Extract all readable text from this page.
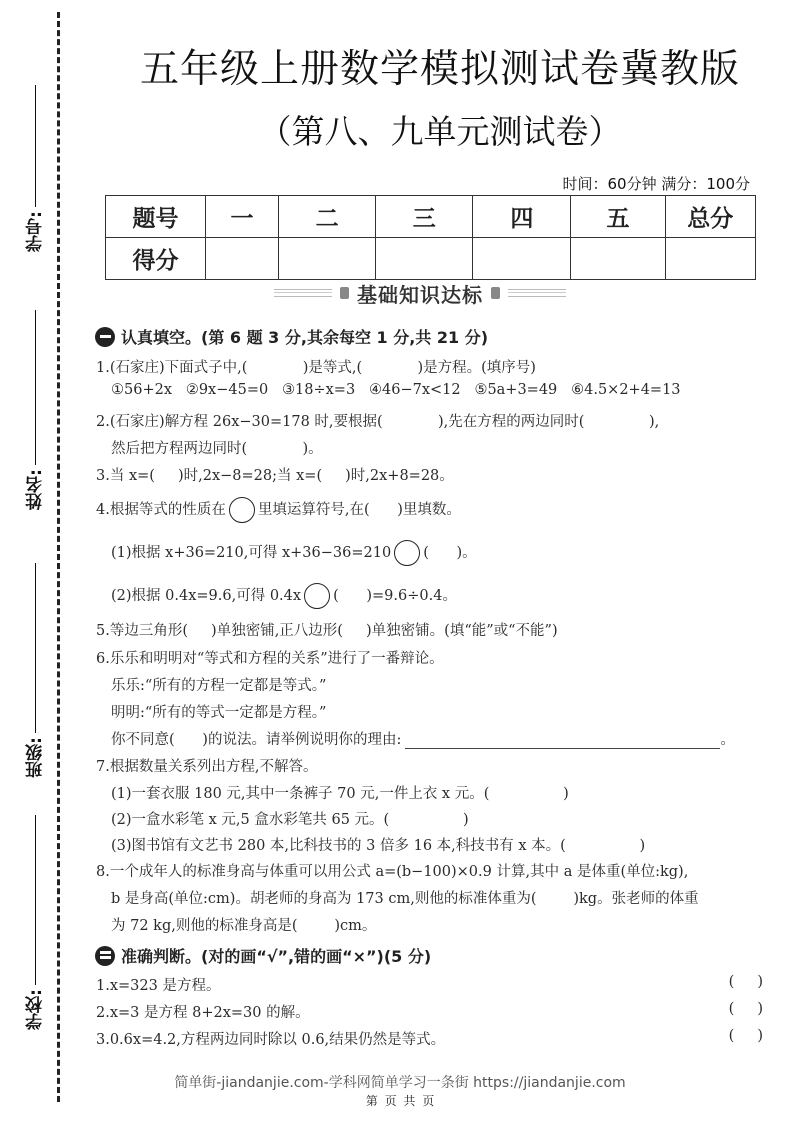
学号:
姓名:
班级:
学校:
五年级上册数学模拟测试卷冀教版
（第八、九单元测试卷）
时间：60分钟 满分：100分
题号	一	二	三	四	五	总分
得分						
基础知识达标
认真填空。(第 6 题 3 分,其余每空 1 分,共 21 分)
1.(石家庄)下面式子中,(            )是等式,(            )是方程。(填序号)
①56+2x   ②9x−45=0   ③18÷x=3   ④46−7x<12   ⑤5a+3=49   ⑥4.5×2+4=13
2.(石家庄)解方程 26x−30=178 时,要根据(            ),先在方程的两边同时(              ),
然后把方程两边同时(            )。
3.当 x=(     )时,2x−8=28;当 x=(     )时,2x+8=28。
4.根据等式的性质在 里填运算符号,在(      )里填数。
(1)根据 x+36=210,可得 x+36−36=210 (      )。
(2)根据 0.4x=9.6,可得 0.4x (      )=9.6÷0.4。
5.等边三角形(     )单独密铺,正八边形(     )单独密铺。(填“能”或“不能”)
6.乐乐和明明对“等式和方程的关系”进行了一番辩论。
乐乐:“所有的方程一定都是等式。”
明明:“所有的等式一定都是方程。”
你不同意(      )的说法。请举例说明你的理由:	。
7.根据数量关系列出方程,不解答。
(1)一套衣服 180 元,其中一条裤子 70 元,一件上衣 x 元。(                )
(2)一盒水彩笔 x 元,5 盒水彩笔共 65 元。(                )
(3)图书馆有文艺书 280 本,比科技书的 3 倍多 16 本,科技书有 x 本。(                )
8.一个成年人的标准身高与体重可以用公式 a=(b−100)×0.9 计算,其中 a 是体重(单位:kg),
b 是身高(单位:cm)。胡老师的身高为 173 cm,则他的标准体重为(        )kg。张老师的体重
为 72 kg,则他的标准身高是(        )cm。
准确判断。(对的画“√”,错的画“×”)(5 分)
1.x=323 是方程。	(     )
2.x=3 是方程 8+2x=30 的解。	(     )
3.0.6x=4.2,方程两边同时除以 0.6,结果仍然是等式。	(     )
简单街-jiandanjie.com-学科网简单学习一条街 https://jiandanjie.com
第 页 共 页
